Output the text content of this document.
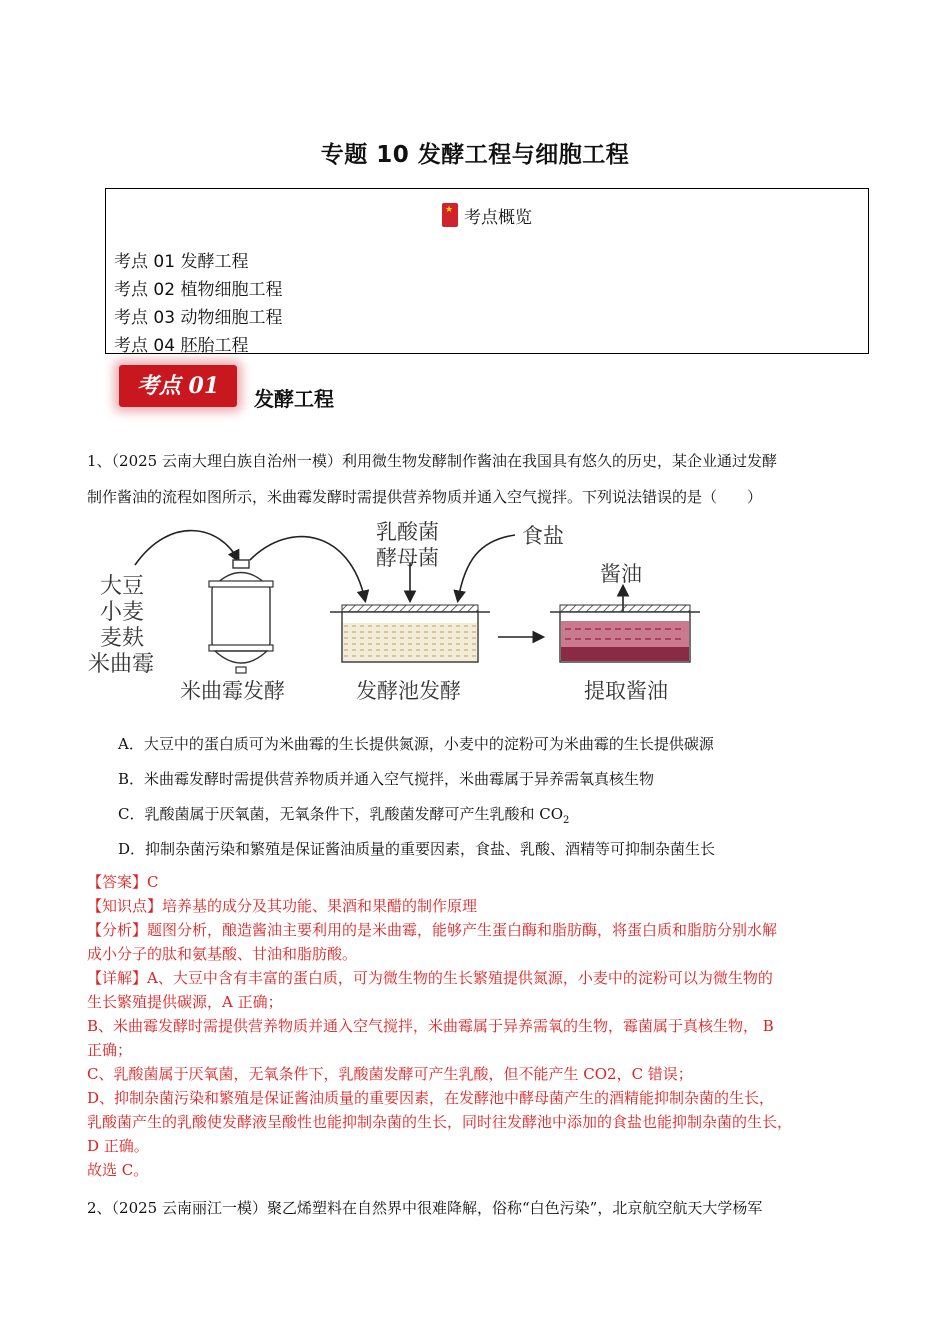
专题 10 发酵工程与细胞工程
★考点概览
考点 01 发酵工程
考点 02 植物细胞工程
考点 03 动物细胞工程
考点 04 胚胎工程
考点 01	发酵工程
1、（2025 云南大理白族自治州一模）利用微生物发酵制作酱油在我国具有悠久的历史，某企业通过发酵
制作酱油的流程如图所示，米曲霉发酵时需提供营养物质并通入空气搅拌。下列说法错误的是（　　）
大豆
小麦
麦麸
米曲霉
乳酸菌
酵母菌
食盐
酱油
米曲霉发酵	发酵池发酵	提取酱油
A．大豆中的蛋白质可为米曲霉的生长提供氮源，小麦中的淀粉可为米曲霉的生长提供碳源
B．米曲霉发酵时需提供营养物质并通入空气搅拌，米曲霉属于异养需氧真核生物
C．乳酸菌属于厌氧菌，无氧条件下，乳酸菌发酵可产生乳酸和 $CO_2$
D．抑制杂菌污染和繁殖是保证酱油质量的重要因素，食盐、乳酸、酒精等可抑制杂菌生长
【答案】C
【知识点】培养基的成分及其功能、果酒和果醋的制作原理
【分析】题图分析，酿造酱油主要利用的是米曲霉，能够产生蛋白酶和脂肪酶，将蛋白质和脂肪分别水解
成小分子的肽和氨基酸、甘油和脂肪酸。
【详解】A、大豆中含有丰富的蛋白质，可为微生物的生长繁殖提供氮源，小麦中的淀粉可以为微生物的
生长繁殖提供碳源，A 正确；
B、米曲霉发酵时需提供营养物质并通入空气搅拌，米曲霉属于异养需氧的生物，霉菌属于真核生物， B
正确；
C、乳酸菌属于厌氧菌，无氧条件下，乳酸菌发酵可产生乳酸，但不能产生 CO2，C 错误；
D、抑制杂菌污染和繁殖是保证酱油质量的重要因素，在发酵池中酵母菌产生的酒精能抑制杂菌的生长，
乳酸菌产生的乳酸使发酵液呈酸性也能抑制杂菌的生长，同时往发酵池中添加的食盐也能抑制杂菌的生长，
D 正确。
故选 C。
2、（2025 云南丽江一模）聚乙烯塑料在自然界中很难降解，俗称“白色污染”，北京航空航天大学杨军
